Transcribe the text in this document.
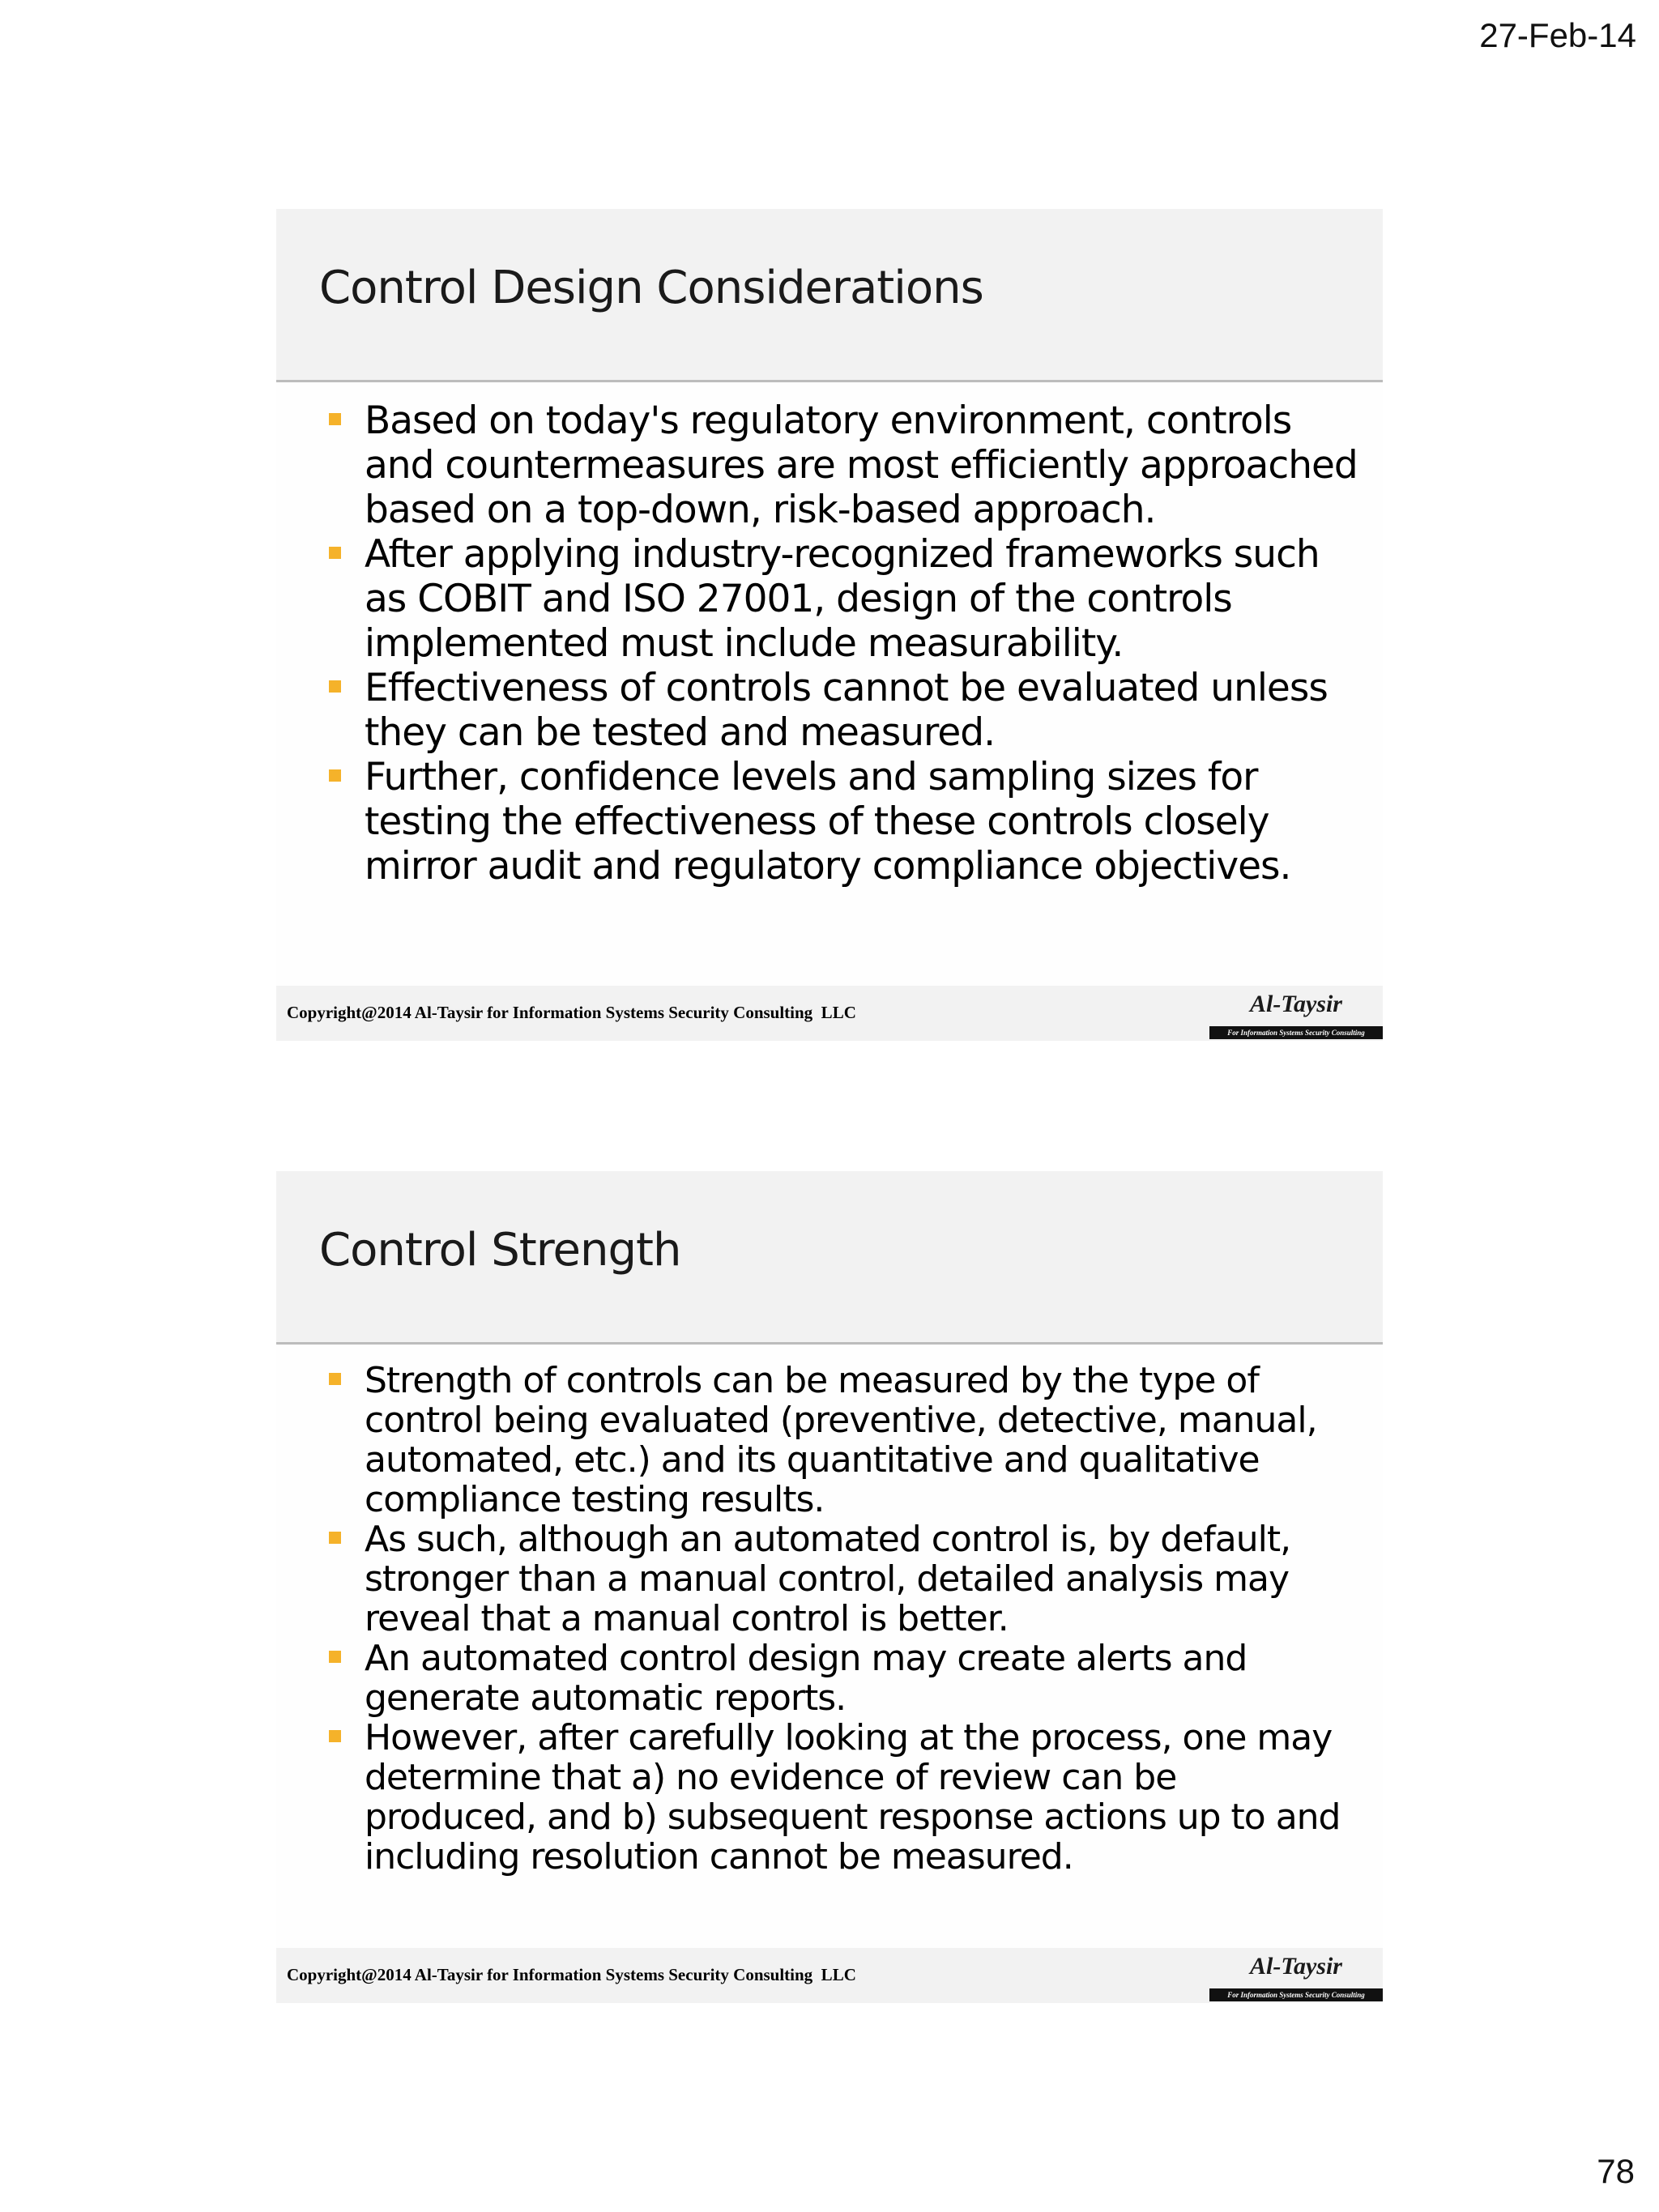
27-Feb-14
Control Design Considerations
Based on today's regulatory environment, controls and countermeasures are most efficiently approached based on a top-down, risk-based approach.
After applying industry-recognized frameworks such as COBIT and ISO 27001, design of the controls implemented must include measurability.
Effectiveness of controls cannot be evaluated unless they can be tested and measured.
Further, confidence levels and sampling sizes for testing the effectiveness of these controls closely mirror audit and regulatory compliance objectives.
Copyright@2014 Al-Taysir for Information Systems Security Consulting  LLC	Al-Taysir
For Information Systems Security Consulting
Control Strength
Strength of controls can be measured by the type of control being evaluated (preventive, detective, manual, automated, etc.) and its quantitative and qualitative compliance testing results.
As such, although an automated control is, by default, stronger than a manual control, detailed analysis may reveal that a manual control is better.
An automated control design may create alerts and generate automatic reports.
However, after carefully looking at the process, one may determine that a) no evidence of review can be produced, and b) subsequent response actions up to and including resolution cannot be measured.
Copyright@2014 Al-Taysir for Information Systems Security Consulting  LLC	Al-Taysir
For Information Systems Security Consulting
78
